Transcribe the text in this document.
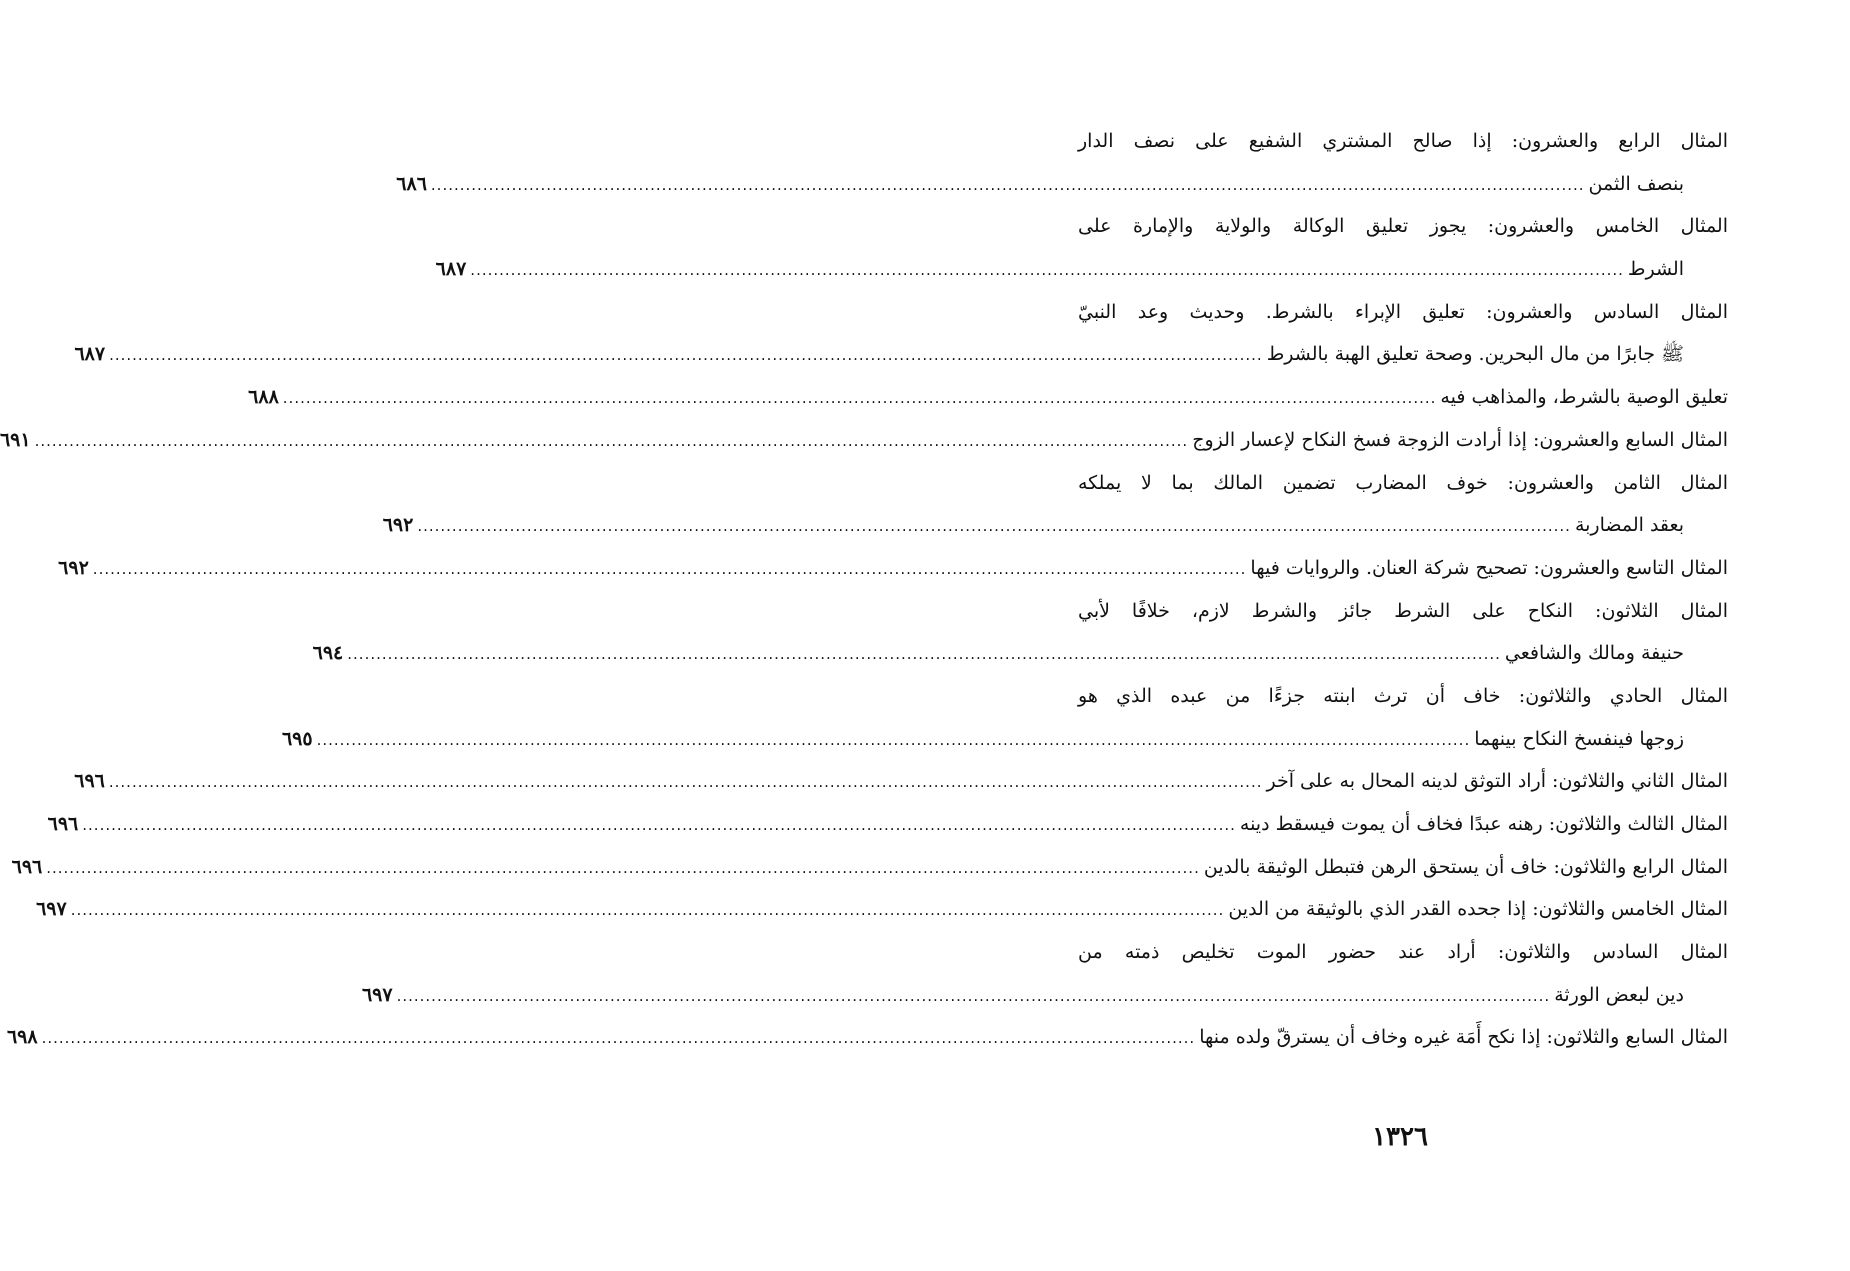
المثال الرابع والعشرون: إذا صالح المشتري الشفيع على نصف الدار
بنصف الثمن
........................................................................................................................................................................................................
٦٨٦
المثال الخامس والعشرون: يجوز تعليق الوكالة والولاية والإمارة على
الشرط
........................................................................................................................................................................................................
٦٨٧
المثال السادس والعشرون: تعليق الإبراء بالشرط. وحديث وعد النبيّ
ﷺ جابرًا من مال البحرين. وصحة تعليق الهبة بالشرط
........................................................................................................................................................................................................
٦٨٧
تعليق الوصية بالشرط، والمذاهب فيه
........................................................................................................................................................................................................
٦٨٨
المثال السابع والعشرون: إذا أرادت الزوجة فسخ النكاح لإعسار الزوج
........................................................................................................................................................................................................
٦٩١
المثال الثامن والعشرون: خوف المضارب تضمين المالك بما لا يملكه
بعقد المضاربة
........................................................................................................................................................................................................
٦٩٢
المثال التاسع والعشرون: تصحيح شركة العنان. والروايات فيها
........................................................................................................................................................................................................
٦٩٢
المثال الثلاثون: النكاح على الشرط جائز والشرط لازم، خلافًا لأبي
حنيفة ومالك والشافعي
........................................................................................................................................................................................................
٦٩٤
المثال الحادي والثلاثون: خاف أن ترث ابنته جزءًا من عبده الذي هو
زوجها فينفسخ النكاح بينهما
........................................................................................................................................................................................................
٦٩٥
المثال الثاني والثلاثون: أراد التوثق لدينه المحال به على آخر
........................................................................................................................................................................................................
٦٩٦
المثال الثالث والثلاثون: رهنه عبدًا فخاف أن يموت فيسقط دينه
........................................................................................................................................................................................................
٦٩٦
المثال الرابع والثلاثون: خاف أن يستحق الرهن فتبطل الوثيقة بالدين
........................................................................................................................................................................................................
٦٩٦
المثال الخامس والثلاثون: إذا جحده القدر الذي بالوثيقة من الدين
........................................................................................................................................................................................................
٦٩٧
المثال السادس والثلاثون: أراد عند حضور الموت تخليص ذمته من
دين لبعض الورثة
........................................................................................................................................................................................................
٦٩٧
المثال السابع والثلاثون: إذا نكح أَمَة غيره وخاف أن يسترقّ ولده منها
........................................................................................................................................................................................................
٦٩٨
١٣٢٦
